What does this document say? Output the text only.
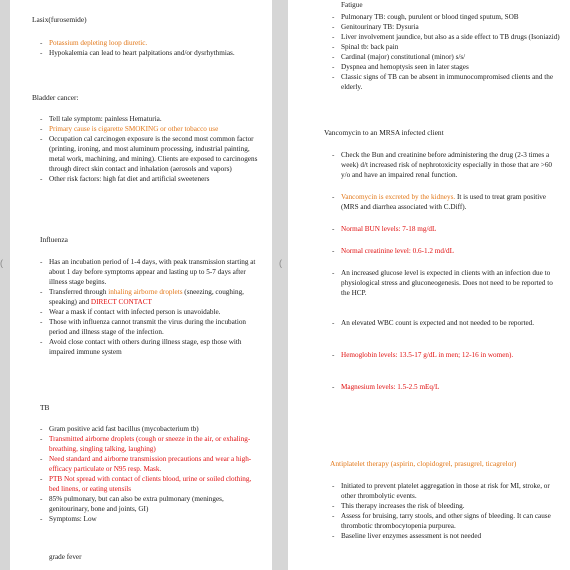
(	(
Lasix(furosemide)
- Potassium depleting loop diuretic.
- Hypokalemia can lead to heart palpitations and/or dysrhythmias.
Bladder cancer:
- Tell tale symptom: painless Hematuria.
- Primary cause is cigarette SMOKING or other tobacco use
- Occupation cal carcinogen exposure is the second most common factor (printing, ironing, and most aluminum processing, industrial painting, metal work, machining, and mining). Clients are exposed to carcinogens through direct skin contact and inhalation (aerosols and vapors)
- Other risk factors: high fat diet and artificial sweeteners
Influenza
- Has an incubation period of 1-4 days, with peak transmission starting at about 1 day before symptoms appear and lasting up to 5-7 days after illness stage begins.
- Transferred through inhaling airborne droplets (sneezing, coughing, speaking) and DIRECT CONTACT
- Wear a mask if contact with infected person is unavoidable.
- Those with influenza cannot transmit the virus during the incubation period and illness stage of the infection.
- Avoid close contact with others during illness stage, esp those with impaired immune system
TB
- Gram positive acid fast bacillus (mycobacterium tb)
- Transmitted airborne droplets (cough or sneeze in the air, or exhaling- breathing, singling talking, laughing)
- Need standard and airborne transmission precautions and wear a high-efficacy particulate or N95 resp. Mask.
- PTB Not spread with contact of clients blood, urine or soiled clothing, bed linens, or eating utensils
- 85% pulmonary, but can also be extra pulmonary (meninges, genitourinary, bone and joints, GI)
- Symptoms: Low
grade fever
Fatigue
- Pulmonary TB: cough, purulent or blood tinged sputum, SOB
- Genitourinary TB: Dysuria
- Liver involvement jaundice, but also as a side effect to TB drugs (Isoniazid)
- Spinal tb: back pain
- Cardinal (major) constitutional (minor) s/s/
- Dyspnea and hemoptysis seen in later stages
- Classic signs of TB can be absent in immunocompromised clients and the elderly.
Vancomycin to an MRSA infected client
- Check the Bun and creatinine before administering the drug (2-3 times a week) d/t increased risk of nephrotoxicity especially in those that are >60 y/o and have an impaired renal function.
- Vancomycin is excreted by the kidneys. It is used to treat gram positive (MRS and diarrhea associated with C.Diff).
- Normal BUN levels: 7-18 mg/dL
- Normal creatinine level: 0.6-1.2 md/dL
- An increased glucose level is expected in clients with an infection due to physiological stress and gluconeogenesis. Does not need to be reported to the HCP.
- An elevated WBC count is expected and not needed to be reported.
- Hemoglobin levels: 13.5-17 g/dL in men; 12-16 in women).
- Magnesium levels: 1.5-2.5 mEq/L
Antiplatelet therapy (aspirin, clopidogrel, prasugrel, ticagrelor)
- Initiated to prevent platelet aggregation in those at risk for MI, stroke, or other thrombolytic events.
- This therapy increases the risk of bleeding.
- Assess for bruising, tarry stools, and other signs of bleeding. It can cause thrombotic thrombocytopenia purpurea.
- Baseline liver enzymes assessment is not needed
